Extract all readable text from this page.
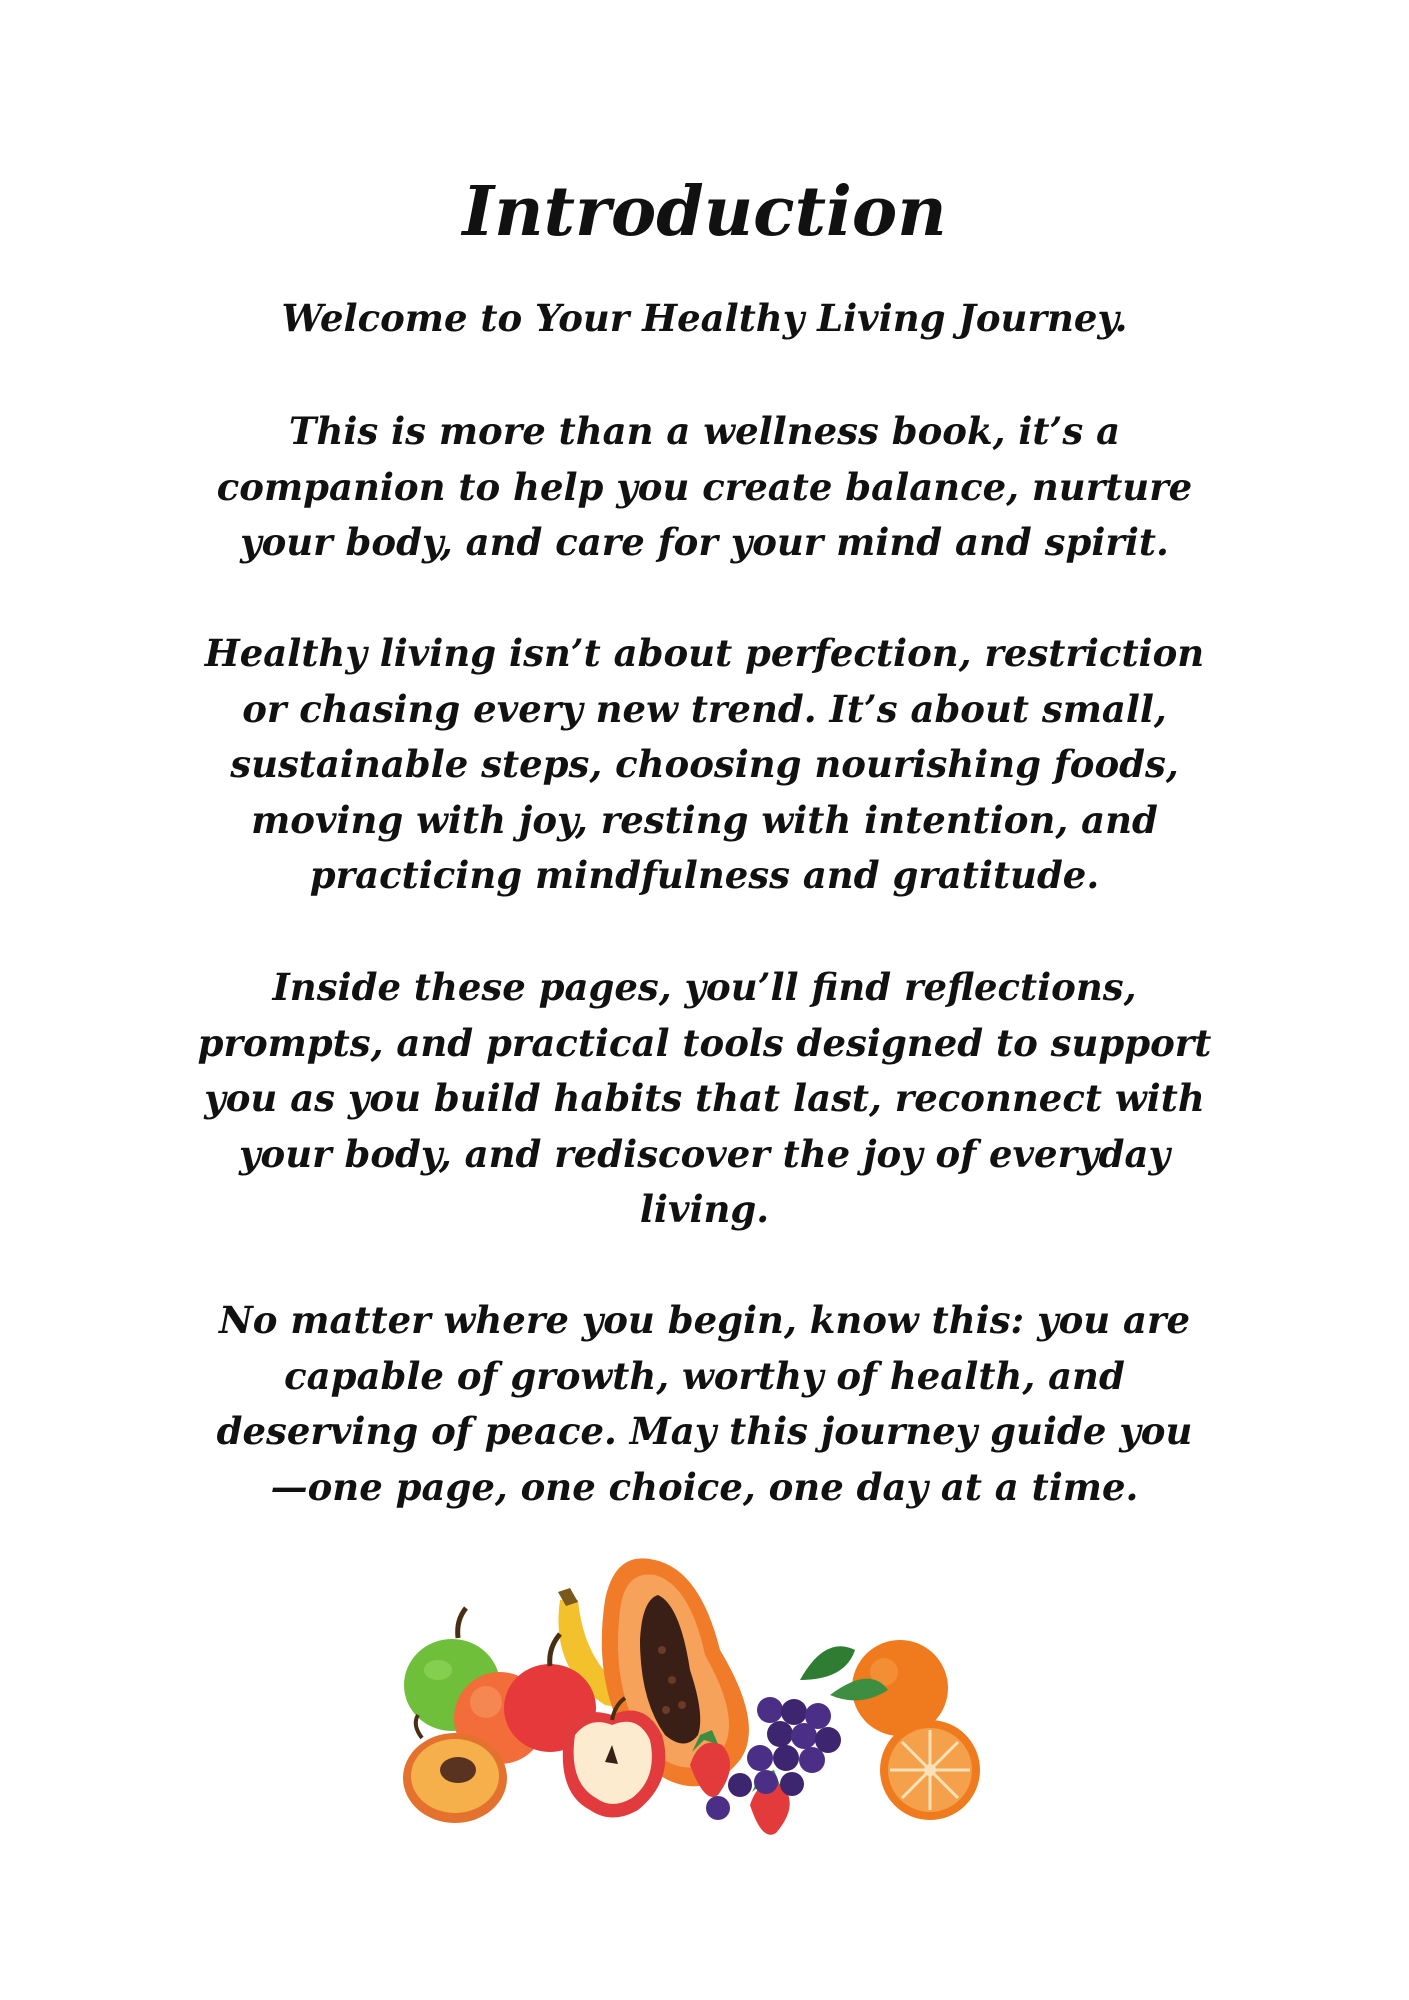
Introduction

Welcome to Your Healthy Living Journey.

This is more than a wellness book, it’s a
companion to help you create balance, nurture
your body, and care for your mind and spirit.

Healthy living isn’t about perfection, restriction
or chasing every new trend. It’s about small,
sustainable steps, choosing nourishing foods,
moving with joy, resting with intention, and
practicing mindfulness and gratitude.

Inside these pages, you’ll find reflections,
prompts, and practical tools designed to support
you as you build habits that last, reconnect with
your body, and rediscover the joy of everyday
living.

No matter where you begin, know this: you are
capable of growth, worthy of health, and
deserving of peace. May this journey guide you
—one page, one choice, one day at a time.
